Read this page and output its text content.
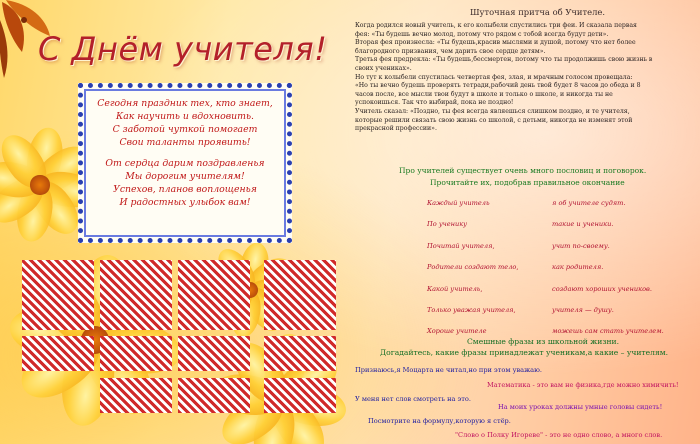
С Днём учителя!
Сегодня праздник тех, кто знает,
Как научить и вдохновить.
С заботой чуткой помогает
Свои таланты проявить!
От сердца дарим поздравленья
Мы дорогим учителям!
Успехов, планов воплощенья
И радостных улыбок вам!
Шуточная притча об Учителе.
Когда родился новый учитель, к его колыбели спустились три феи. И сказала первая
фея: «Ты будешь вечно молод, потому что рядом с тобой всегда будут дети».
Вторая фея произнесла: «Ты будешь,красив мыслями и душой, потому что нет более
благородного призвания, чем дарить свое сердце детям».
Третья фея предрекла: «Ты будешь,бессмертен, потому что ты продолжишь свою жизнь в
своих учениках».
Но тут к колыбели спустилась четвертая фея, злая, и мрачным голосом провещала:
«Но ты вечно будешь проверять тетради,рабочий день твой будет 8 часов до обеда и 8
часов после, все мысли твои будут в школе и только о школе, и никогда ты не
успокоишься. Так что выбирай, пока не поздно!
Учитель сказал: «Поздно, ты фея всегда являешься слишком поздно, и те учителя,
которые решили связать свою жизнь со школой, с детьми, никогда не изменят этой
прекрасной профессии».
Про учителей существует очень много пословиц и поговорок.
Прочитайте их, подобрав правильное окончание
Каждый учитель	я об учителе судят.
По ученику	такие и ученики.
Почитай учителя,	учит по-своему.
Родители создают тело,	как родителя.
Какой учитель,	создают хороших учеников.
Только уважая учителя,	учителя — душу.
Хороше учителе	можешь сам стать учителем.
Смешные фразы из школьной жизни.
Догадайтесь, какие фразы принадлежат ученикам,а какие – учителям.
Признаюсь,я Моцарта не читал,но при этом уважаю.
Математика - это вам не физика,где можно химичить!
У меня нет слов смотреть на это.
На моих уроках должны умные головы сидеть!
Посмотрите на формулу,которую я стёр.
"Слово о Полку Игореве" - это не одно слово, а много слов.
